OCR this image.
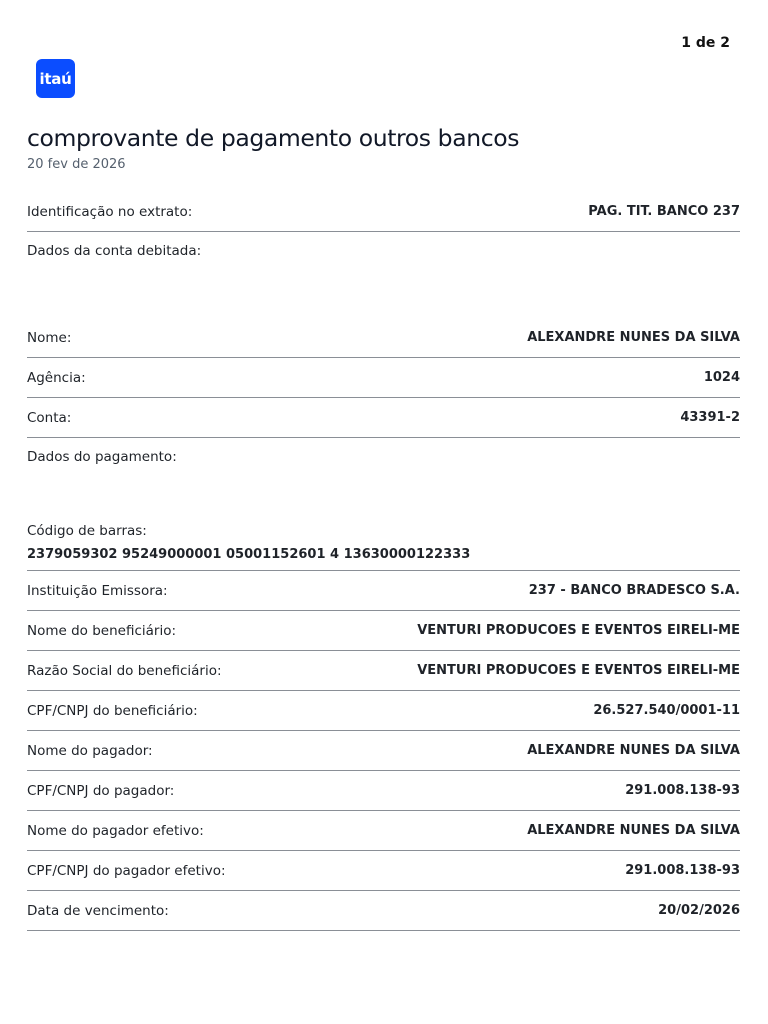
1 de 2
itaú
comprovante de pagamento outros bancos
20 fev de 2026
Identificação no extrato:	PAG. TIT. BANCO 237
Dados da conta debitada:
Nome:	ALEXANDRE NUNES DA SILVA
Agência:	1024
Conta:	43391-2
Dados do pagamento:
Código de barras:
2379059302 95249000001 05001152601 4 13630000122333
Instituição Emissora:	237 - BANCO BRADESCO S.A.
Nome do beneficiário:	VENTURI PRODUCOES E EVENTOS EIRELI-ME
Razão Social do beneficiário:	VENTURI PRODUCOES E EVENTOS EIRELI-ME
CPF/CNPJ do beneficiário:	26.527.540/0001-11
Nome do pagador:	ALEXANDRE NUNES DA SILVA
CPF/CNPJ do pagador:	291.008.138-93
Nome do pagador efetivo:	ALEXANDRE NUNES DA SILVA
CPF/CNPJ do pagador efetivo:	291.008.138-93
Data de vencimento:	20/02/2026
